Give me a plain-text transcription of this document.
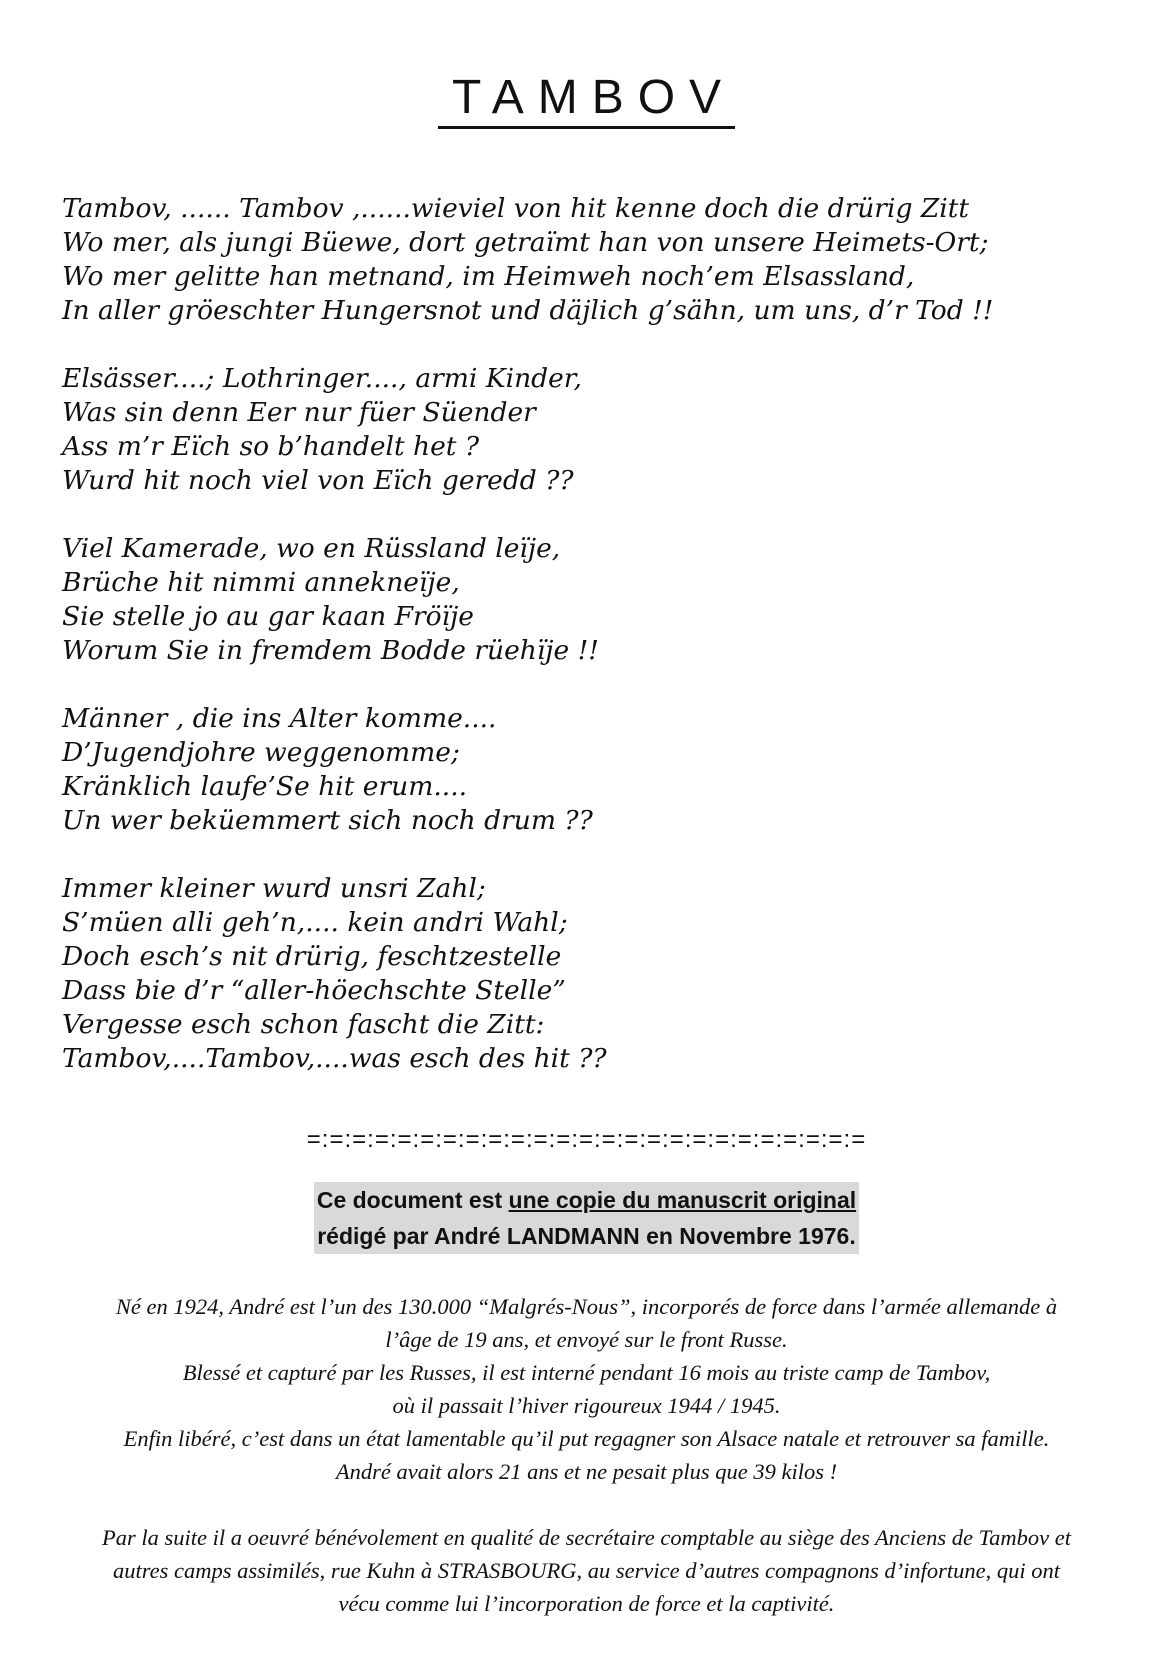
TAMBOV
Tambov, ...... Tambov ,......wieviel von hit kenne doch die drürig Zitt
Wo mer, als jungi Büewe, dort getraïmt han von unsere Heimets-Ort;
Wo mer gelitte han metnand, im Heimweh noch’em Elsassland,
In aller gröeschter Hungersnot und däjlich g’sähn, um uns, d’r Tod !!
Elsässer....; Lothringer...., armi Kinder,
Was sin denn Eer nur füer Süender
Ass m’r Eïch so b’handelt het ?
Wurd hit noch viel von Eïch geredd ??
Viel Kamerade, wo en Rüssland leïje,
Brüche hit nimmi annekneïje,
Sie stelle jo au gar kaan Fröïje
Worum Sie in fremdem Bodde rüehïje !!
Männer , die ins Alter komme....
D’Jugendjohre weggenomme;
Kränklich laufe’Se hit erum....
Un wer beküemmert sich noch drum ??
Immer kleiner wurd unsri Zahl;
S’müen alli geh’n,.... kein andri Wahl;
Doch esch’s nit drürig, feschtzestelle
Dass bie d’r “aller-höechschte Stelle”
Vergesse esch schon fascht die Zitt:
Tambov,....Tambov,....was esch des hit ??
=:=:=:=:=:=:=:=:=:=:=:=:=:=:=:=:=:=:=:=:=:=:=:=:=
Ce document est une copie du manuscrit original
rédigé par André LANDMANN en Novembre 1976.
Né en 1924, André est l’un des 130.000 “Malgrés-Nous”, incorporés de force dans l’armée allemande à
l’âge de 19 ans, et envoyé sur le front Russe.
Blessé et capturé par les Russes, il est interné pendant 16 mois au triste camp de Tambov,
où il passait l’hiver rigoureux 1944 / 1945.
Enfin libéré, c’est dans un état lamentable qu’il put regagner son Alsace natale et retrouver sa famille.
André avait alors 21 ans et ne pesait plus que 39 kilos !
Par la suite il a oeuvré bénévolement en qualité de secrétaire comptable au siège des Anciens de Tambov et
autres camps assimilés, rue Kuhn à STRASBOURG, au service d’autres compagnons d’infortune, qui ont
vécu comme lui l’incorporation de force et la captivité.
